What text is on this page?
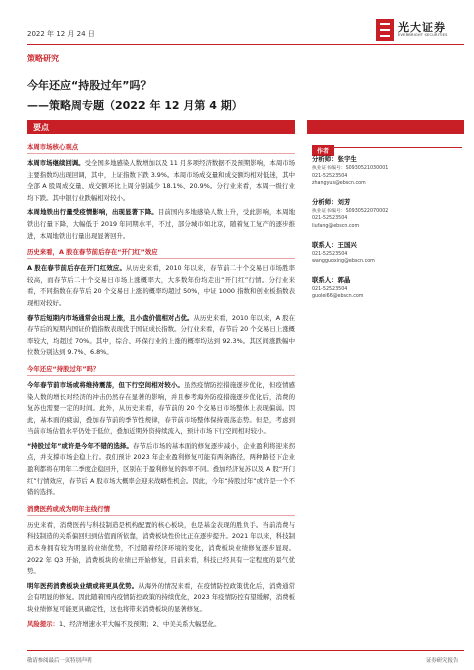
2022 年 12 月 24 日	光大证券
EVERBRIGHT SECURITIES
策略研究
今年还应“持股过年”吗？
——策略周专题（2022 年 12 月第 4 期）
要点
本周市场核心观点
本周市场继续回调。受全国多地感染人数增加以及 11 月多项经济数据不及预期影响，本周市场主要指数均出现回调，其中，上证指数下跌 3.9%。本周市场成交量和成交额均相对低迷，其中全部 A 股周成交量、成交额环比上周分别减少 18.1%、20.9%。分行业来看，本周一级行业均下跌。其中银行业跌幅相对较小。
本周地铁出行量受疫情影响，出现显著下降。目前国内多地感染人数上升，受此影响，本周地铁出行量下降，大幅低于 2019 年同期水平，不过，部分城市如北京，随着复工复产的逐步推进，本周地铁出行量出现显著回升。
历史来看，A 股在春节前后存在“开门红”效应
A 股在春节前后存在开门红效应。从历史来看，2010 年以来，春节前二十个交易日市场胜率较高，而春节后二十个交易日市场上涨概率大，大多数年份均走出“开门红”行情。分行业来看，不同指数在春节后 20 个交易日上涨的概率均超过 50%，中证 1000 指数和创业板指数表现相对较好。
春节后短期内市场通常会出现上涨，且小盘价值相对占优。从历史来看，2010 年以来，A 股在春节后的短期内国证价值指数表现优于国证成长指数。分行业来看，春节后 20 个交易日上涨概率较大，均超过 70%。其中，综合、环保行业的上涨的概率均达到 92.3%。其区间涨跌幅中位数分别达到 9.7%、6.8%。
今年还应“持股过年”吗？
今年春节前市场或将维持震荡，但下行空间相对较小。虽然疫情防控措施逐步优化，但疫情感染人数的增长对经济的冲击仍然存在显著的影响，并且参考海外防疫措施逐步优化后，消费的复苏也需要一定的时间。此外，从历史来看，春节前的 20 个交易日市场整体上表现偏弱。因此，基本面的疲弱，叠加春节前的季节性规律，春节前市场整体保持震荡态势。但是，考虑到当前市场估值水平仍处于低位，叠加近期外资持续流入，预计市场下行空间相对较小。
“持股过年”或许是今年不错的选择。春节后市场的基本面的修复逐步减小，企业盈利将迎来拐点，并支撑市场企稳上行。我们预计 2023 年企业盈利修复可能有两条路径，两种路径下企业盈利都将在明年二季度企稳回升，区别在于盈利修复的斜率不同。叠加经济复苏以及 A 股“开门红”行情效应，春节后 A 股市场大概率会迎来战略性机会。因此，今年“持股过年”或许是一个不错的选择。
消费医药或成为明年主线行情
历史来看，消费医药与科技制造是机构配置的核心板块，也是基金表现的胜负手。当前消费与科技制造的关系偏回归到估值面所依靠，消费板块性价比正在逐步提升。2021 年以来，科技制造本身拥有较为明显的业绩优势，不过随着经济环境的变化，消费板块业绩修复逐步显现。2022 年 Q3 开始，消费板块的业绩已开始修复，目前来看，科技已经具有一定程度的景气优势。
明年医药消费板块业绩或将更具优势。从海外的情况来看，在疫情防控政策优化后，消费通常会有明显的修复。因此随着国内疫情防控政策的持续优化，2023 年疫情防控有望缓解，消费板块业绩修复可能更具确定性，这也将带来消费板块的显著修复。
风险提示：1、经济增速水平大幅不及预期；2、中美关系大幅恶化。
作者
分析师：张宇生
执业证书编号：S0930521030001
021-52523504
zhangyus@ebscn.com
分析师：刘芳
执业证书编号：S0930522070002
021-52523504
liufang@ebscn.com
联系人：王国兴
021-52523504
wangguoxing@ebscn.com
联系人：郭晶
021-52523504
guolei66@ebscn.com
敬请参阅最后一页特别声明	证券研究报告
